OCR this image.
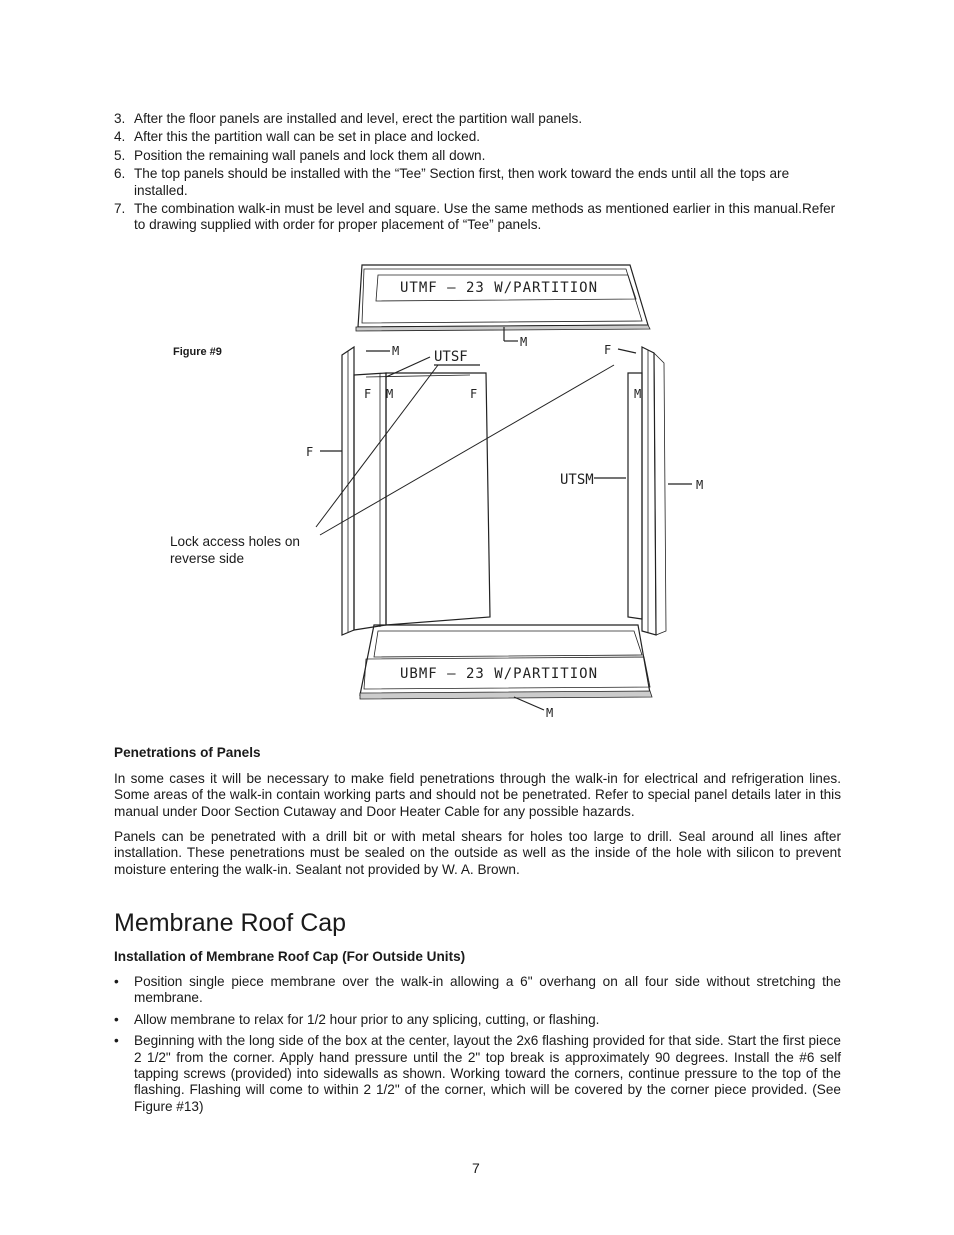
3. After the floor panels are installed and level, erect the partition wall panels.
4. After this the partition wall can be set in place and locked.
5. Position the remaining wall panels and lock them all down.
6. The top panels should be installed with the “Tee” Section first, then work toward the ends until all the tops are installed.
7. The combination walk-in must be level and square. Use the same methods as mentioned earlier in this manual.Refer to drawing supplied with order for proper placement of “Tee” panels.
Figure #9
Lock access holes on reverse side
UTMF – 23 W/PARTITION
M
F M
M
F
F
UTSF
M
F
UTSM	M
UBMF – 23 W/PARTITION
M
Penetrations of Panels

In some cases it will be necessary to make field penetrations through the walk-in for electrical and refrigeration lines. Some areas of the walk-in contain working parts and should not be penetrated. Refer to special panel details later in this manual under Door Section Cutaway and Door Heater Cable for any possible hazards.

Panels can be penetrated with a drill bit or with metal shears for holes too large to drill. Seal around all lines after installation. These penetrations must be sealed on the outside as well as the inside of the hole with silicon to prevent moisture entering the walk-in. Sealant not provided by W. A. Brown.

Membrane Roof Cap
Installation of Membrane Roof Cap (For Outside Units)
• Position single piece membrane over the walk-in allowing a 6" overhang on all four side without stretching the membrane.
• Allow membrane to relax for 1/2 hour prior to any splicing, cutting, or flashing.
• Beginning with the long side of the box at the center, layout the 2x6 flashing provided for that side. Start the first piece 2 1/2" from the corner. Apply hand pressure until the 2" top break is approximately 90 degrees. Install the #6 self tapping screws (provided) into sidewalls as shown. Working toward the corners, continue pressure to the top of the flashing. Flashing will come to within 2 1/2" of the corner, which will be covered by the corner piece provided. (See Figure #13)
7
